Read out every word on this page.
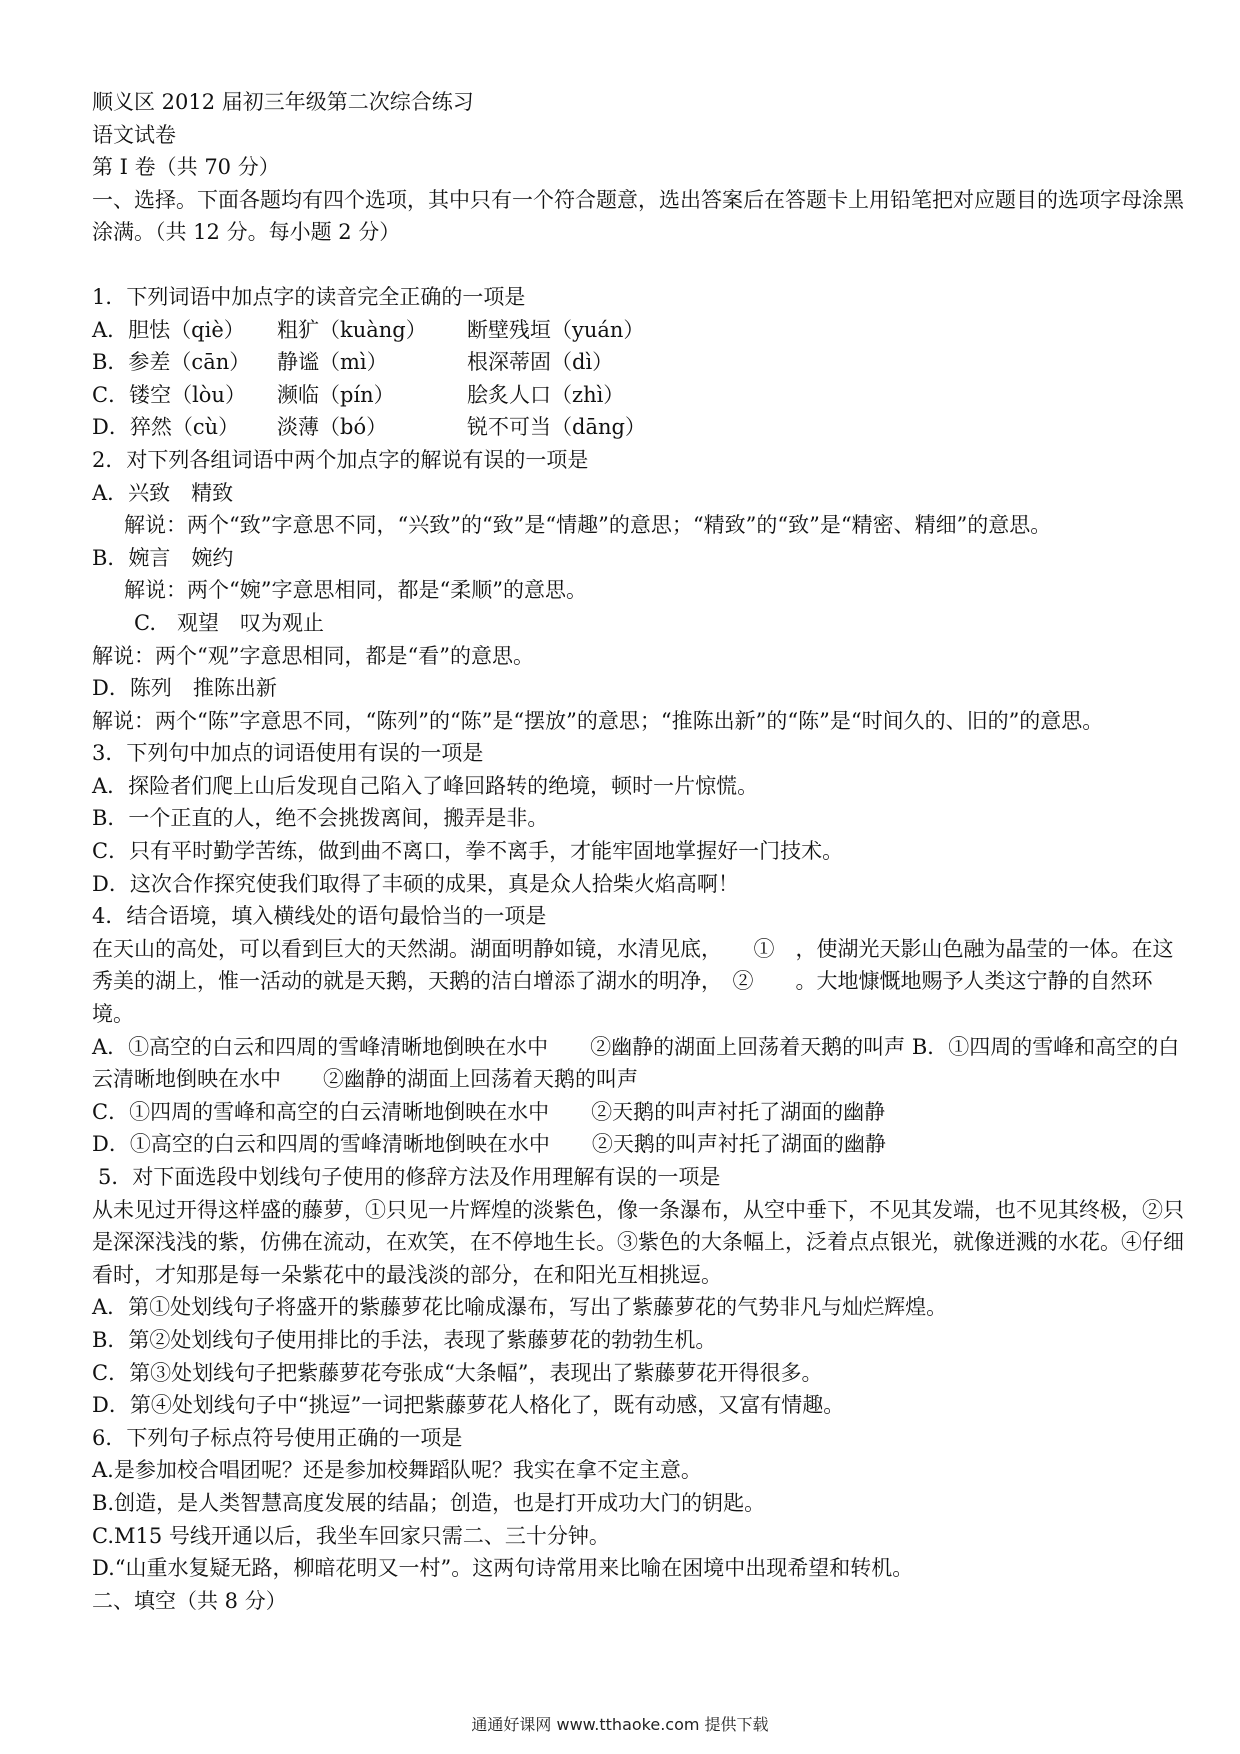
顺义区 2012 届初三年级第二次综合练习
语文试卷
第 I 卷（共 70 分）
一、选择。下面各题均有四个选项，其中只有一个符合题意，选出答案后在答题卡上用铅笔把对应题目的选项字母涂黑涂满。（共 12 分。每小题 2 分）
1．下列词语中加点字的读音完全正确的一项是
A．胆怯（qiè）	粗犷（kuàng）	断壁残垣（yuán）
B．参差（cān）	静谧（mì）	根深蒂固（dì）
C．镂空（lòu）	濒临（pín）	脍炙人口（zhì）
D．猝然（cù）	淡薄（bó）	锐不可当（dāng）
2．对下列各组词语中两个加点字的解说有误的一项是
A．兴致　精致
解说：两个“致”字意思不同，“兴致”的“致”是“情趣”的意思；“精致”的“致”是“精密、精细”的意思。
B．婉言　婉约
解说：两个“婉”字意思相同，都是“柔顺”的意思。
C.　观望　叹为观止
解说：两个“观”字意思相同，都是“看”的意思。
D．陈列　推陈出新
解说：两个“陈”字意思不同，“陈列”的“陈”是“摆放”的意思；“推陈出新”的“陈”是“时间久的、旧的”的意思。
3．下列句中加点的词语使用有误的一项是
A．探险者们爬上山后发现自己陷入了峰回路转的绝境，顿时一片惊慌。
B．一个正直的人，绝不会挑拨离间，搬弄是非。
C．只有平时勤学苦练，做到曲不离口，拳不离手，才能牢固地掌握好一门技术。
D．这次合作探究使我们取得了丰硕的成果，真是众人拾柴火焰高啊！
4．结合语境，填入横线处的语句最恰当的一项是
在天山的高处，可以看到巨大的天然湖。湖面明静如镜，水清见底，　　①　，使湖光天影山色融为晶莹的一体。在这秀美的湖上，惟一活动的就是天鹅，天鹅的洁白增添了湖水的明净，　②　　。大地慷慨地赐予人类这宁静的自然环境。
A．①高空的白云和四周的雪峰清晰地倒映在水中　　②幽静的湖面上回荡着天鹅的叫声 B．①四周的雪峰和高空的白云清晰地倒映在水中　　②幽静的湖面上回荡着天鹅的叫声
C．①四周的雪峰和高空的白云清晰地倒映在水中　　②天鹅的叫声衬托了湖面的幽静
D．①高空的白云和四周的雪峰清晰地倒映在水中　　②天鹅的叫声衬托了湖面的幽静
5．对下面选段中划线句子使用的修辞方法及作用理解有误的一项是
从未见过开得这样盛的藤萝，①只见一片辉煌的淡紫色，像一条瀑布，从空中垂下，不见其发端，也不见其终极，②只是深深浅浅的紫，仿佛在流动，在欢笑，在不停地生长。③紫色的大条幅上，泛着点点银光，就像迸溅的水花。④仔细看时，才知那是每一朵紫花中的最浅淡的部分，在和阳光互相挑逗。
A．第①处划线句子将盛开的紫藤萝花比喻成瀑布，写出了紫藤萝花的气势非凡与灿烂辉煌。
B．第②处划线句子使用排比的手法，表现了紫藤萝花的勃勃生机。
C．第③处划线句子把紫藤萝花夸张成“大条幅”，表现出了紫藤萝花开得很多。
D．第④处划线句子中“挑逗”一词把紫藤萝花人格化了，既有动感，又富有情趣。
6．下列句子标点符号使用正确的一项是
A.是参加校合唱团呢？还是参加校舞蹈队呢？我实在拿不定主意。
B.创造，是人类智慧高度发展的结晶；创造，也是打开成功大门的钥匙。
C.M15 号线开通以后，我坐车回家只需二、三十分钟。
D.“山重水复疑无路，柳暗花明又一村”。这两句诗常用来比喻在困境中出现希望和转机。
二、填空（共 8 分）
通通好课网 www.tthaoke.com 提供下载
